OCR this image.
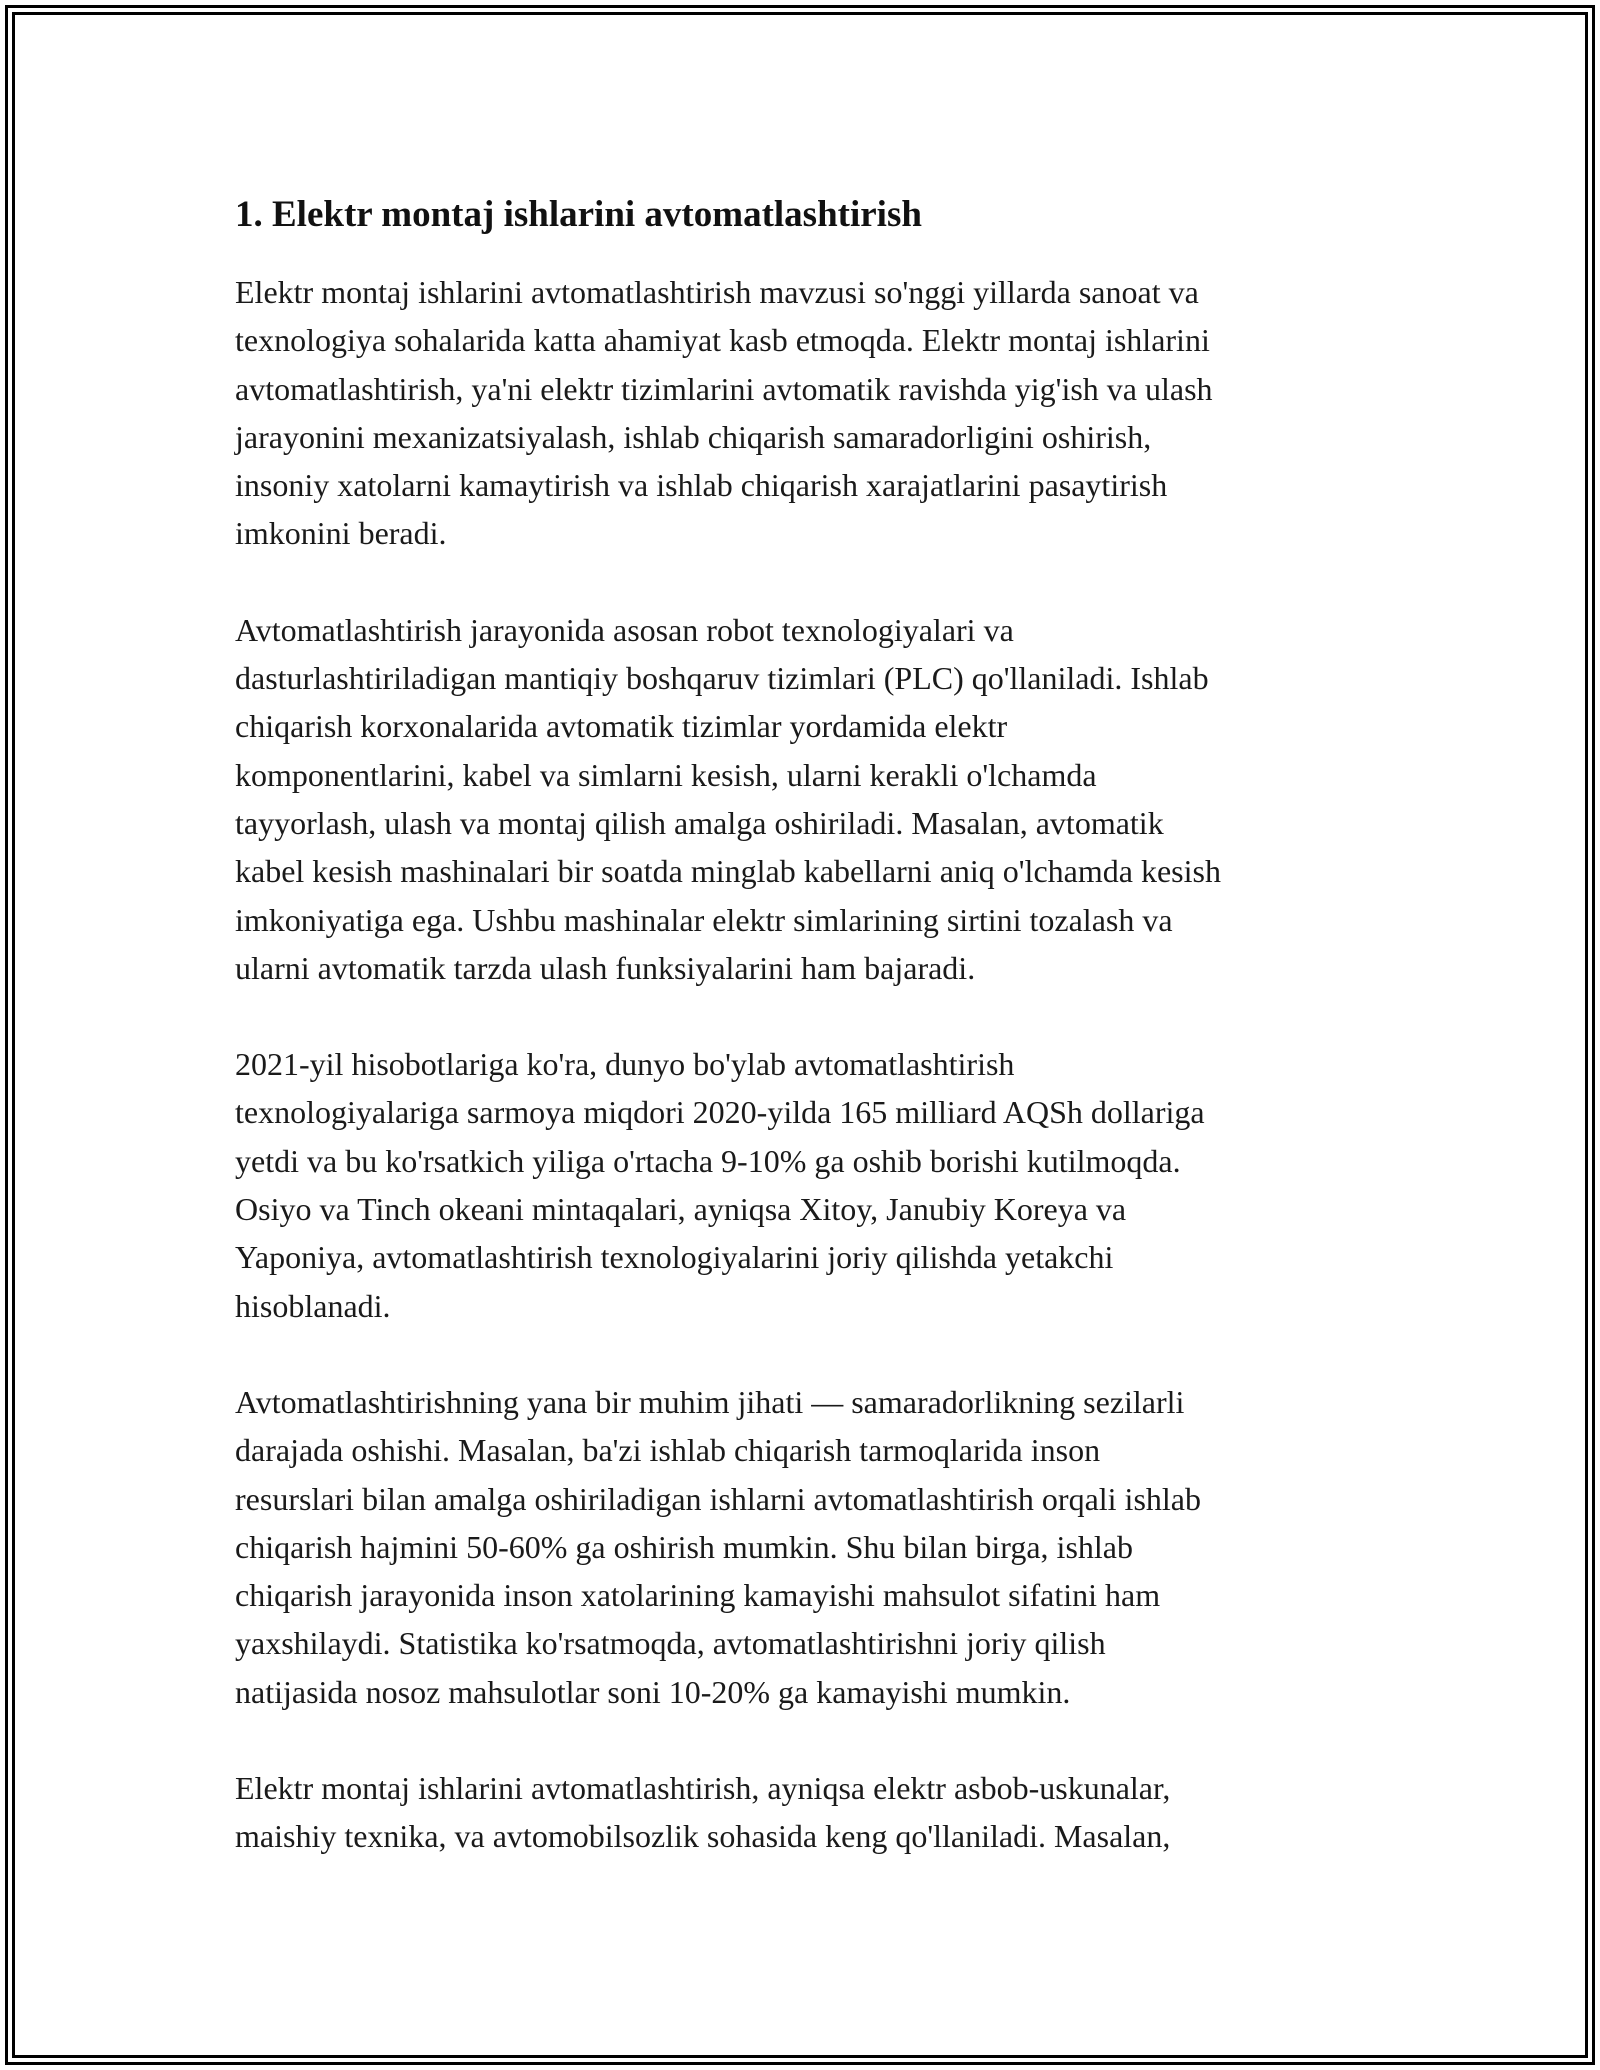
1. Elektr montaj ishlarini avtomatlashtirish

Elektr montaj ishlarini avtomatlashtirish mavzusi so'nggi yillarda sanoat va
texnologiya sohalarida katta ahamiyat kasb etmoqda. Elektr montaj ishlarini
avtomatlashtirish, ya'ni elektr tizimlarini avtomatik ravishda yig'ish va ulash
jarayonini mexanizatsiyalash, ishlab chiqarish samaradorligini oshirish,
insoniy xatolarni kamaytirish va ishlab chiqarish xarajatlarini pasaytirish
imkonini beradi.

Avtomatlashtirish jarayonida asosan robot texnologiyalari va
dasturlashtiriladigan mantiqiy boshqaruv tizimlari (PLC) qo'llaniladi. Ishlab
chiqarish korxonalarida avtomatik tizimlar yordamida elektr
komponentlarini, kabel va simlarni kesish, ularni kerakli o'lchamda
tayyorlash, ulash va montaj qilish amalga oshiriladi. Masalan, avtomatik
kabel kesish mashinalari bir soatda minglab kabellarni aniq o'lchamda kesish
imkoniyatiga ega. Ushbu mashinalar elektr simlarining sirtini tozalash va
ularni avtomatik tarzda ulash funksiyalarini ham bajaradi.

2021-yil hisobotlariga ko'ra, dunyo bo'ylab avtomatlashtirish
texnologiyalariga sarmoya miqdori 2020-yilda 165 milliard AQSh dollariga
yetdi va bu ko'rsatkich yiliga o'rtacha 9-10% ga oshib borishi kutilmoqda.
Osiyo va Tinch okeani mintaqalari, ayniqsa Xitoy, Janubiy Koreya va
Yaponiya, avtomatlashtirish texnologiyalarini joriy qilishda yetakchi
hisoblanadi.

Avtomatlashtirishning yana bir muhim jihati — samaradorlikning sezilarli
darajada oshishi. Masalan, ba'zi ishlab chiqarish tarmoqlarida inson
resurslari bilan amalga oshiriladigan ishlarni avtomatlashtirish orqali ishlab
chiqarish hajmini 50-60% ga oshirish mumkin. Shu bilan birga, ishlab
chiqarish jarayonida inson xatolarining kamayishi mahsulot sifatini ham
yaxshilaydi. Statistika ko'rsatmoqda, avtomatlashtirishni joriy qilish
natijasida nosoz mahsulotlar soni 10-20% ga kamayishi mumkin.

Elektr montaj ishlarini avtomatlashtirish, ayniqsa elektr asbob-uskunalar,
maishiy texnika, va avtomobilsozlik sohasida keng qo'llaniladi. Masalan,
